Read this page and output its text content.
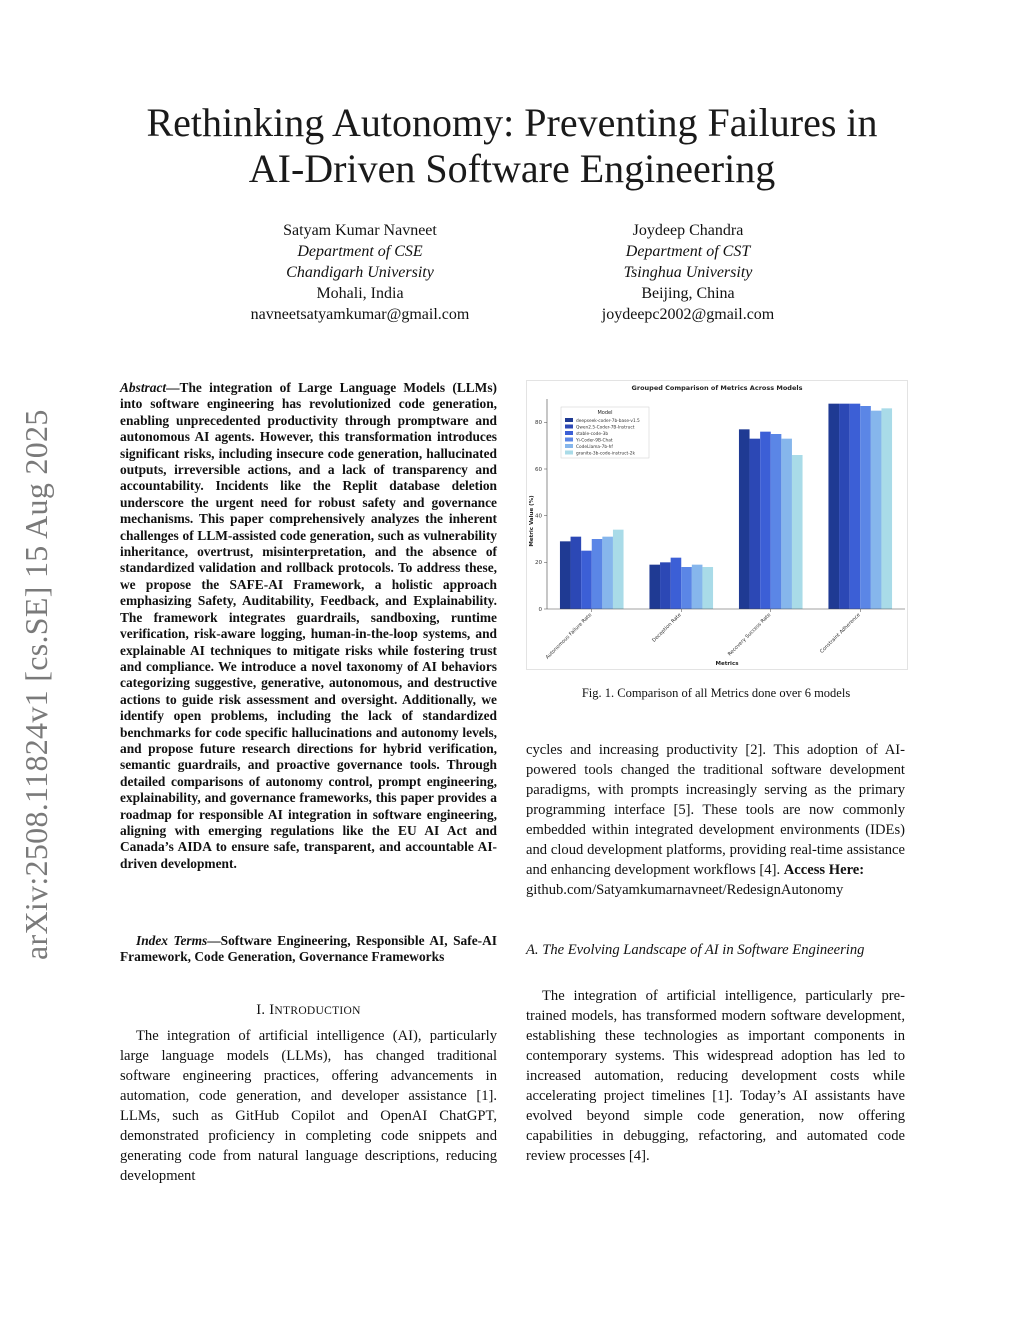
Rethinking Autonomy: Preventing Failures in
AI-Driven Software Engineering
Satyam Kumar Navneet
Department of CSE
Chandigarh University
Mohali, India
navneetsatyamkumar@gmail.com
Joydeep Chandra
Department of CST
Tsinghua University
Beijing, China
joydeepc2002@gmail.com
arXiv:2508.11824v1 [cs.SE] 15 Aug 2025
Abstract—The integration of Large Language Models (LLMs) into software engineering has revolutionized code generation, enabling unprecedented productivity through promptware and autonomous AI agents. However, this transformation introduces significant risks, including insecure code generation, hallucinated outputs, irreversible actions, and a lack of transparency and accountability. Incidents like the Replit database deletion underscore the urgent need for robust safety and governance mechanisms. This paper comprehensively analyzes the inherent challenges of LLM-assisted code generation, such as vulnerability inheritance, overtrust, misinterpretation, and the absence of standardized validation and rollback protocols. To address these, we propose the SAFE-AI Framework, a holistic approach emphasizing Safety, Auditability, Feedback, and Explainability. The framework integrates guardrails, sandboxing, runtime verification, risk-aware logging, human-in-the-loop systems, and explainable AI techniques to mitigate risks while fostering trust and compliance. We introduce a novel taxonomy of AI behaviors categorizing suggestive, generative, autonomous, and destructive actions to guide risk assessment and oversight. Additionally, we identify open problems, including the lack of standardized benchmarks for code specific hallucinations and autonomy levels, and propose future research directions for hybrid verification, semantic guardrails, and proactive governance tools. Through detailed comparisons of autonomy control, prompt engineering, explainability, and governance frameworks, this paper provides a roadmap for responsible AI integration in software engineering, aligning with emerging regulations like the EU AI Act and Canada’s AIDA to ensure safe, transparent, and accountable AI-driven development.
Index Terms—Software Engineering, Responsible AI, Safe-AI Framework, Code Generation, Governance Frameworks
I. INTRODUCTION
The integration of artificial intelligence (AI), particularly large language models (LLMs), has changed traditional software engineering practices, offering advancements in automation, code generation, and developer assistance [1]. LLMs, such as GitHub Copilot and OpenAI ChatGPT, demonstrated proficiency in completing code snippets and generating code from natural language descriptions, reducing development
Grouped Comparison of Metrics Across Models
0
20
40
60
80
Autonomous Failure Rate	Deception Rate	Recovery Success Rate	Constraint Adherence
Model
deepseek-coder-7b-base-v1.5
Qwen2.5-Coder-7B-Instruct
stable-code-3b
Yi-Coder-9B-Chat
CodeLlama-7b-hf
granite-3b-code-instruct-2k
Metric Value (%)
Metrics
Fig. 1. Comparison of all Metrics done over 6 models
cycles and increasing productivity [2]. This adoption of AI-powered tools changed the traditional software development paradigms, with prompts increasingly serving as the primary programming interface [5]. These tools are now commonly embedded within integrated development environments (IDEs) and cloud development platforms, providing real-time assistance and enhancing development workflows [4]. Access Here:
github.com/Satyamkumarnavneet/RedesignAutonomy
A. The Evolving Landscape of AI in Software Engineering
The integration of artificial intelligence, particularly pre-trained models, has transformed modern software development, establishing these technologies as important components in contemporary systems. This widespread adoption has led to increased automation, reducing development costs while accelerating project timelines [1]. Today’s AI assistants have evolved beyond simple code generation, now offering capabilities in debugging, refactoring, and automated code review processes [4].
